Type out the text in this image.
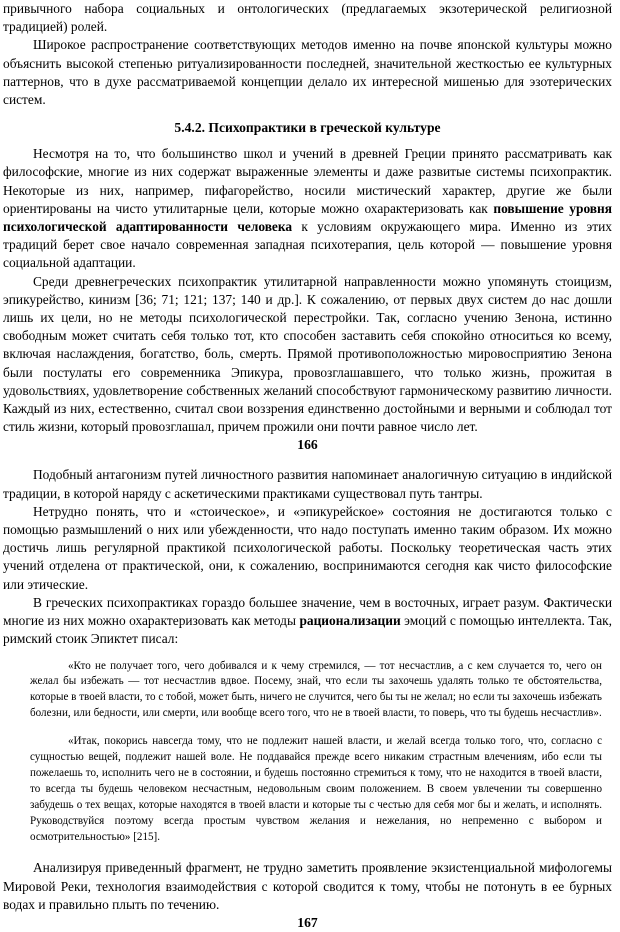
привычного набора социальных и онтологических (предлагаемых экзотерической религиозной традицией) ролей.

Широкое распространение соответствующих методов именно на почве японской культуры можно объяснить высокой степенью ритуализированности последней, значительной жесткостью ее культурных паттернов, что в духе рассматриваемой концепции делало их интересной мишенью для эзотерических систем.

5.4.2. Психопрактики в греческой культуре

Несмотря на то, что большинство школ и учений в древней Греции принято рассматривать как философские, многие из них содержат выраженные элементы и даже развитые системы психопрактик. Некоторые из них, например, пифагорейство, носили мистический характер, другие же были ориентированы на чисто утилитарные цели, которые можно охарактеризовать как повышение уровня психологической адаптированности человека к условиям окружающего мира. Именно из этих традиций берет свое начало современная западная психотерапия, цель которой — повышение уровня социальной адаптации.

Среди древнегреческих психопрактик утилитарной направленности можно упомянуть стоицизм, эпикурейство, кинизм [36; 71; 121; 137; 140 и др.]. К сожалению, от первых двух систем до нас дошли лишь их цели, но не методы психологической перестройки. Так, согласно учению Зенона, истинно свободным может считать себя только тот, кто способен заставить себя спокойно относиться ко всему, включая наслаждения, богатство, боль, смерть. Прямой противоположностью мировосприятию Зенона были постулаты его современника Эпикура, провозглашавшего, что только жизнь, прожитая в удовольствиях, удовлетворение собственных желаний способствуют гармоническому развитию личности. Каждый из них, естественно, считал свои воззрения единственно достойными и верными и соблюдал тот стиль жизни, который провозглашал, причем прожили они почти равное число лет.

166

Подобный антагонизм путей личностного развития напоминает аналогичную ситуацию в индийской традиции, в которой наряду с аскетическими практиками существовал путь тантры.

Нетрудно понять, что и «стоическое», и «эпикурейское» состояния не достигаются только с помощью размышлений о них или убежденности, что надо поступать именно таким образом. Их можно достичь лишь регулярной практикой психологической работы. Поскольку теоретическая часть этих учений отделена от практической, они, к сожалению, воспринимаются сегодня как чисто философские или этические.

В греческих психопрактиках гораздо большее значение, чем в восточных, играет разум. Фактически многие из них можно охарактеризовать как методы рационализации эмоций с помощью интеллекта. Так, римский стоик Эпиктет писал:

«Кто не получает того, чего добивался и к чему стремился, — тот несчастлив, а с кем случается то, чего он желал бы избежать — тот несчастлив вдвое. Посему, знай, что если ты захочешь удалять только те обстоятельства, которые в твоей власти, то с тобой, может быть, ничего не случится, чего бы ты не желал; но если ты захочешь избежать болезни, или бедности, или смерти, или вообще всего того, что не в твоей власти, то поверь, что ты будешь несчастлив».

«Итак, покорись навсегда тому, что не подлежит нашей власти, и желай всегда только того, что, согласно с сущностью вещей, подлежит нашей воле. Не поддавайся прежде всего никаким страстным влечениям, ибо если ты пожелаешь то, исполнить чего не в состоянии, и будешь постоянно стремиться к тому, что не находится в твоей власти, то всегда ты будешь человеком несчастным, недовольным своим положением. В своем увлечении ты совершенно забудешь о тех вещах, которые находятся в твоей власти и которые ты с честью для себя мог бы и желать, и исполнять. Руководствуйся поэтому всегда простым чувством желания и нежелания, но непременно с выбором и осмотрительностью» [215].

Анализируя приведенный фрагмент, не трудно заметить проявление экзистенциальной мифологемы Мировой Реки, технология взаимодействия с которой сводится к тому, чтобы не потонуть в ее бурных водах и правильно плыть по течению.

167
